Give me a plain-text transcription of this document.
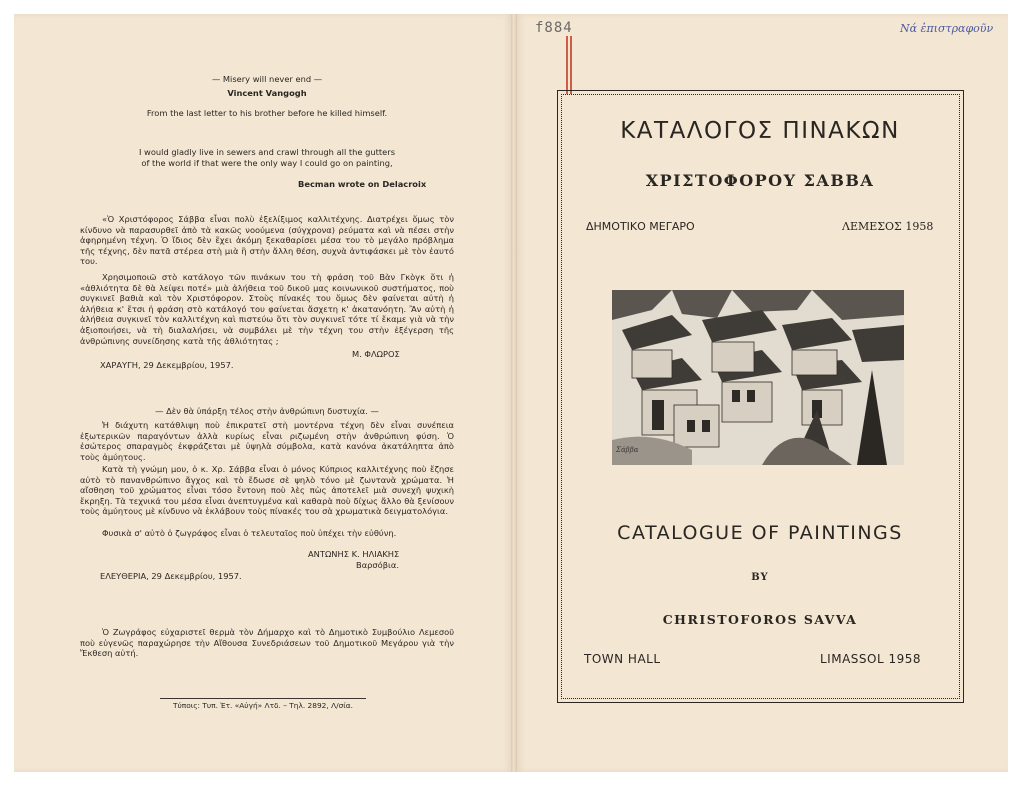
— Misery will never end —
Vincent Vangogh
From the last letter to his brother before he killed himself.
I would gladly live in sewers and crawl through all the gutters
of the world if that were the only way I could go on painting,
Becman wrote on Delacroix
«Ὁ Χριστόφορος Σάββα εἶναι πολὺ ἐξελίξιμος καλλιτέχνης. Διατρέχει ὅμως τὸν κίνδυνο νὰ παρασυρθεῖ ἀπὸ τὰ κακῶς νοούμενα (σύγχρονα) ρεύματα καὶ νὰ πέσει στὴν ἀφηρημένη τέχνη. Ὁ ἴδιος δὲν ἔχει ἀκόμη ξεκαθαρίσει μέσα του τὸ μεγάλο πρόβλημα τῆς τέχνης, δὲν πατᾶ στέρεα στὴ μιὰ ἢ στὴν ἄλλη θέση, συχνὰ ἀντιφάσκει μὲ τὸν ἑαυτό του.
Χρησιμοποιῶ στὸ κατάλογο τῶν πινάκων του τὴ φράση τοῦ Βὰν Γκὸγκ ὅτι ἡ «ἀθλιότητα δὲ θὰ λείψει ποτέ» μιὰ ἀλήθεια τοῦ δικοῦ μας κοινωνικοῦ συστήματος, ποὺ συγκινεῖ βαθιὰ καὶ τὸν Χριστόφορον. Στοὺς πίνακές του ὅμως δὲν φαίνεται αὐτὴ ἡ ἀλήθεια κ' ἔτσι ἡ φράση στὸ κατάλογό του φαίνεται ἄσχετη κ' ἀκατανόητη. Ἂν αὐτὴ ἡ ἀλήθεια συγκινεῖ τὸν καλλιτέχνη καὶ πιστεύω ὅτι τὸν συγκινεῖ τότε τί ἔκαμε γιὰ νὰ τὴν ἀξιοποιήσει, νὰ τὴ διαλαλήσει, νὰ συμβάλει μὲ τὴν τέχνη του στὴν ἐξέγερση τῆς ἀνθρώπινης συνείδησης κατὰ τῆς ἀθλιότητας ;
Μ. ΦΛΩΡΟΣ
ΧΑΡΑΥΓΗ, 29 Δεκεμβρίου, 1957.
— Δὲν θὰ ὑπάρξη τέλος στὴν ἀνθρώπινη δυστυχία. —
Ἡ διάχυτη κατάθλιψη ποὺ ἐπικρατεῖ στὴ μοντέρνα τέχνη δὲν εἶναι συνέπεια ἐξωτερικῶν παραγόντων ἀλλὰ κυρίως εἶναι ριζωμένη στὴν ἀνθρώπινη φύση. Ὁ ἐσώτερος σπαραγμὸς ἐκφράζεται μὲ ὑψηλὰ σύμβολα, κατὰ κανόνα ἀκατάληπτα ἀπὸ τοὺς ἀμύητους.
Κατὰ τὴ γνώμη μου, ὁ κ. Χρ. Σάββα εἶναι ὁ μόνος Κύπριος καλλιτέχνης ποὺ ἔζησε αὐτὸ τὸ πανανθρώπινο ἄγχος καὶ τὸ ἔδωσε σὲ ψηλὸ τόνο μὲ ζωντανὰ χρώματα. Ἡ αἴσθηση τοῦ χρώματος εἶναι τόσο ἔντονη ποὺ λὲς πὼς ἀποτελεῖ μιὰ συνεχῆ ψυχικὴ ἔκρηξη. Τὰ τεχνικά του μέσα εἶναι ἀνεπτυγμένα καὶ καθαρὰ ποὺ δίχως ἄλλο θὰ ξενίσουν τοὺς ἀμύητους μὲ κίνδυνο νὰ ἐκλάβουν τοὺς πίνακές του σὰ χρωματικὰ δειγματολόγια.
Φυσικὰ σ' αὐτὸ ὁ ζωγράφος εἶναι ὁ τελευταῖος ποὺ ὑπέχει τὴν εὐθύνη.
ΑΝΤΩΝΗΣ Κ. ΗΛΙΑΚΗΣ
Βαρσόβια.
ΕΛΕΥΘΕΡΙΑ, 29 Δεκεμβρίου, 1957.
Ὁ Ζωγράφος εὐχαριστεῖ θερμὰ τὸν Δήμαρχο καὶ τὸ Δημοτικὸ Συμβούλιο Λεμεσοῦ ποὺ εὐγενῶς παραχώρησε τὴν Αἴθουσα Συνεδριάσεων τοῦ Δημοτικοῦ Μεγάρου γιὰ τὴν Ἔκθεση αὐτή.
Τύποις: Τυπ. Ἑτ. «Αὐγή» Λτδ. – Τηλ. 2892, Λ/σία.
f884	Νά ἐπιστραφοῦν
ΚΑΤΑΛΟΓΟΣ ΠΙΝΑΚΩΝ
ΧΡΙΣΤΟΦΟΡΟΥ ΣΑΒΒΑ
ΔΗΜΟΤΙΚΟ ΜΕΓΑΡΟ	ΛΕΜΕΣΟΣ 1958
Σάββα
CATALOGUE OF PAINTINGS
BY
CHRISTOFOROS SAVVA
TOWN HALL	LIMASSOL 1958
